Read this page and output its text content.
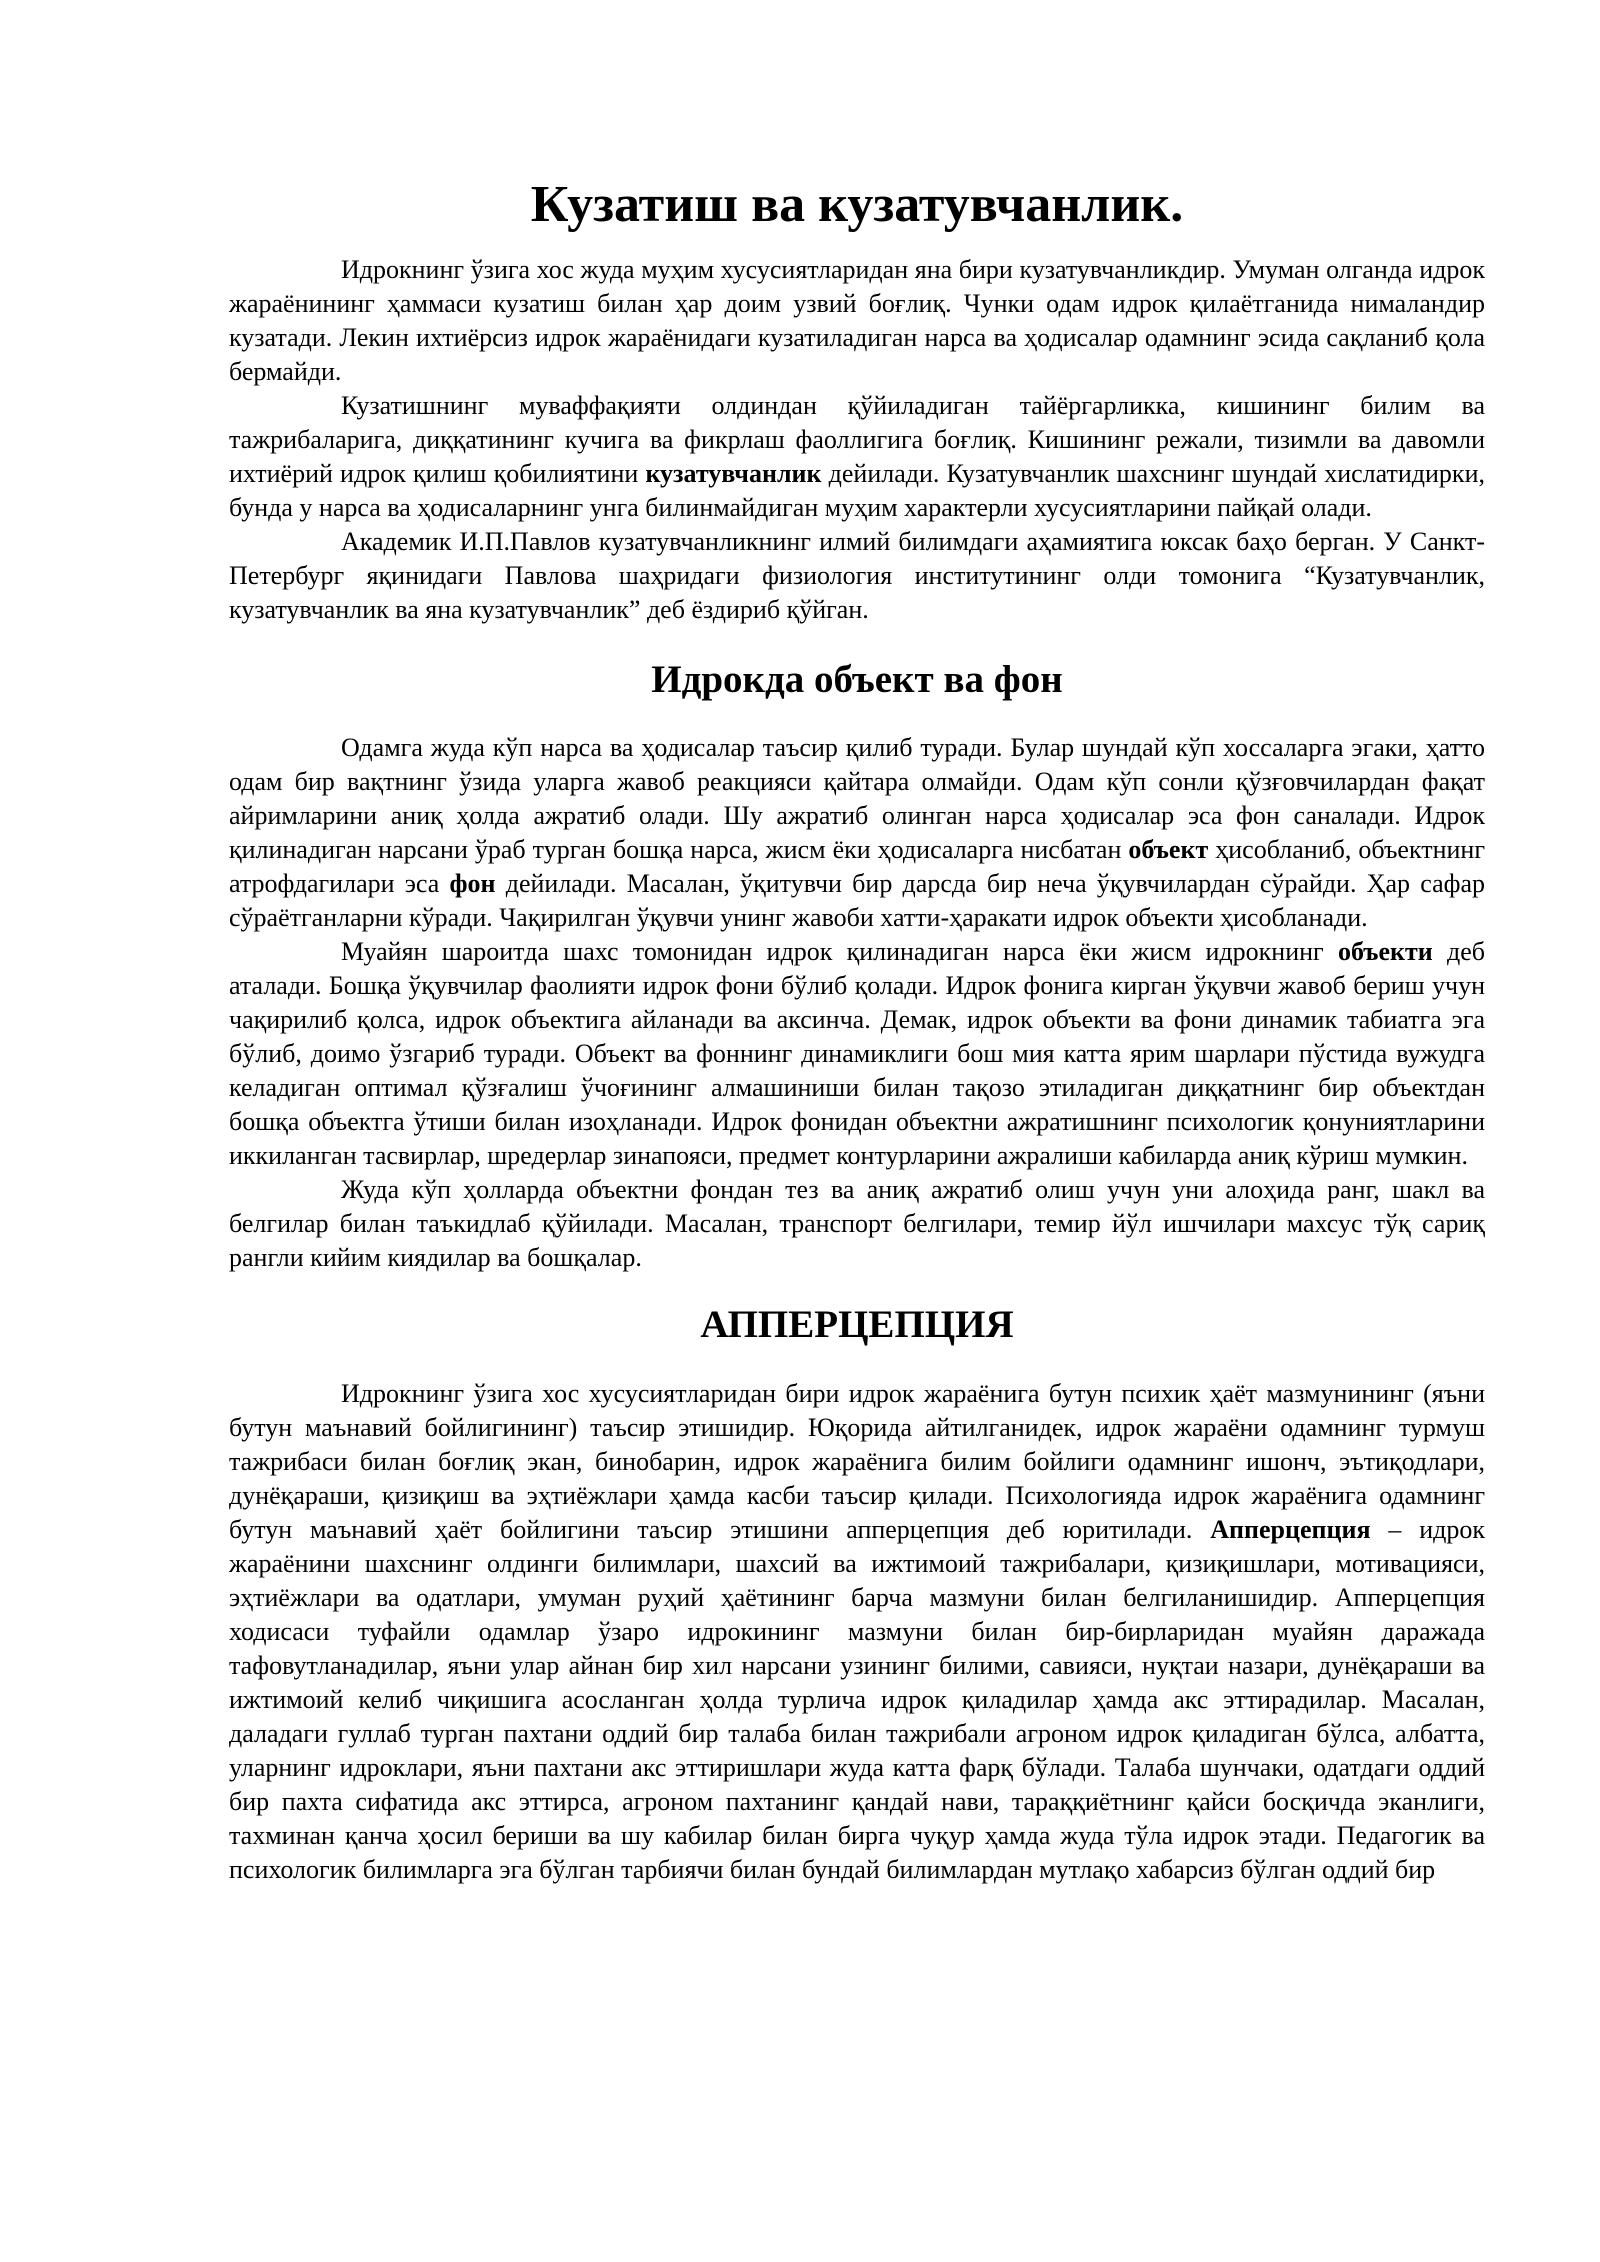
Кузатиш ва кузатувчанлик.

Идрокнинг ўзига хос жуда муҳим хусусиятларидан яна бири кузатувчанликдир. Умуман олганда идрок жараёнининг ҳаммаси кузатиш билан ҳар доим узвий боғлиқ. Чунки одам идрок қилаётганида нималандир кузатади. Лекин ихтиёрсиз идрок жараёнидаги кузатиладиган нарса ва ҳодисалар одамнинг эсида сақланиб қола бермайди.

Кузатишнинг муваффақияти олдиндан қўйиладиган тайёргарликка, кишининг билим ва тажрибаларига, диққатининг кучига ва фикрлаш фаоллигига боғлиқ. Кишининг режали, тизимли ва давомли ихтиёрий идрок қилиш қобилиятини кузатувчанлик дейилади. Кузатувчанлик шахснинг шундай хислатидирки, бунда у нарса ва ҳодисаларнинг унга билинмайдиган муҳим характерли хусусиятларини пайқай олади.

Академик И.П.Павлов кузатувчанликнинг илмий билимдаги аҳамиятига юксак баҳо берган. У Санкт-Петербург яқинидаги Павлова шаҳридаги физиология институтининг олди томонига “Кузатувчанлик, кузатувчанлик ва яна кузатувчанлик” деб ёздириб қўйган.

Идрокда объект ва фон

Одамга жуда кўп нарса ва ҳодисалар таъсир қилиб туради. Булар шундай кўп хоссаларга эгаки, ҳатто одам бир вақтнинг ўзида уларга жавоб реакцияси қайтара олмайди. Одам кўп сонли қўзғовчилардан фақат айримларини аниқ ҳолда ажратиб олади. Шу ажратиб олинган нарса ҳодисалар эса фон саналади. Идрок қилинадиган нарсани ўраб турган бошқа нарса, жисм ёки ҳодисаларга нисбатан объект ҳисобланиб, объектнинг атрофдагилари эса фон дейилади. Масалан, ўқитувчи бир дарсда бир неча ўқувчилардан сўрайди. Ҳар сафар сўраётганларни кўради. Чақирилган ўқувчи унинг жавоби хатти-ҳаракати идрок объекти ҳисобланади.

Муайян шароитда шахс томонидан идрок қилинадиган нарса ёки жисм идрокнинг объекти деб аталади. Бошқа ўқувчилар фаолияти идрок фони бўлиб қолади. Идрок фонига кирган ўқувчи жавоб бериш учун чақирилиб қолса, идрок объектига айланади ва аксинча. Демак, идрок объекти ва фони динамик табиатга эга бўлиб, доимо ўзгариб туради. Объект ва фоннинг динамиклиги бош мия катта ярим шарлари пўстида вужудга келадиган оптимал қўзғалиш ўчоғининг алмашиниши билан тақозо этиладиган диққатнинг бир объектдан бошқа объектга ўтиши билан изоҳланади. Идрок фонидан объектни ажратишнинг психологик қонуниятларини иккиланган тасвирлар, шредерлар зинапояси, предмет контурларини ажралиши кабиларда аниқ кўриш мумкин.

Жуда кўп ҳолларда объектни фондан тез ва аниқ ажратиб олиш учун уни алоҳида ранг, шакл ва белгилар билан таъкидлаб қўйилади. Масалан, транспорт белгилари, темир йўл ишчилари махсус тўқ сариқ рангли кийим киядилар ва бошқалар.

АППЕРЦЕПЦИЯ

Идрокнинг ўзига хос хусусиятларидан бири идрок жараёнига бутун психик ҳаёт мазмунининг (яъни бутун маънавий бойлигининг) таъсир этишидир. Юқорида айтилганидек, идрок жараёни одамнинг турмуш тажрибаси билан боғлиқ экан, бинобарин, идрок жараёнига билим бойлиги одамнинг ишонч, эътиқодлари, дунёқараши, қизиқиш ва эҳтиёжлари ҳамда касби таъсир қилади. Психологияда идрок жараёнига одамнинг бутун маънавий ҳаёт бойлигини таъсир этишини апперцепция деб юритилади. Апперцепция – идрок жараёнини шахснинг олдинги билимлари, шахсий ва ижтимоий тажрибалари, қизиқишлари, мотивацияси, эҳтиёжлари ва одатлари, умуман руҳий ҳаётининг барча мазмуни билан белгиланишидир. Апперцепция ходисаси туфайли одамлар ўзаро идрокининг мазмуни билан бир-бирларидан муайян даражада тафовутланадилар, яъни улар айнан бир хил нарсани узининг билими, савияси, нуқтаи назари, дунёқараши ва ижтимоий келиб чиқишига асосланган ҳолда турлича идрок қиладилар ҳамда акс эттирадилар. Масалан, даладаги гуллаб турган пахтани оддий бир талаба билан тажрибали агроном идрок қиладиган бўлса, албатта, уларнинг идроклари, яъни пахтани акс эттиришлари жуда катта фарқ бўлади. Талаба шунчаки, одатдаги оддий бир пахта сифатида акс эттирса, агроном пахтанинг қандай нави, тараққиётнинг қайси босқичда эканлиги, тахминан қанча ҳосил бериши ва шу кабилар билан бирга чуқур ҳамда жуда тўла идрок этади. Педагогик ва психологик билимларга эга бўлган тарбиячи билан бундай билимлардан мутлақо хабарсиз бўлган оддий бир
